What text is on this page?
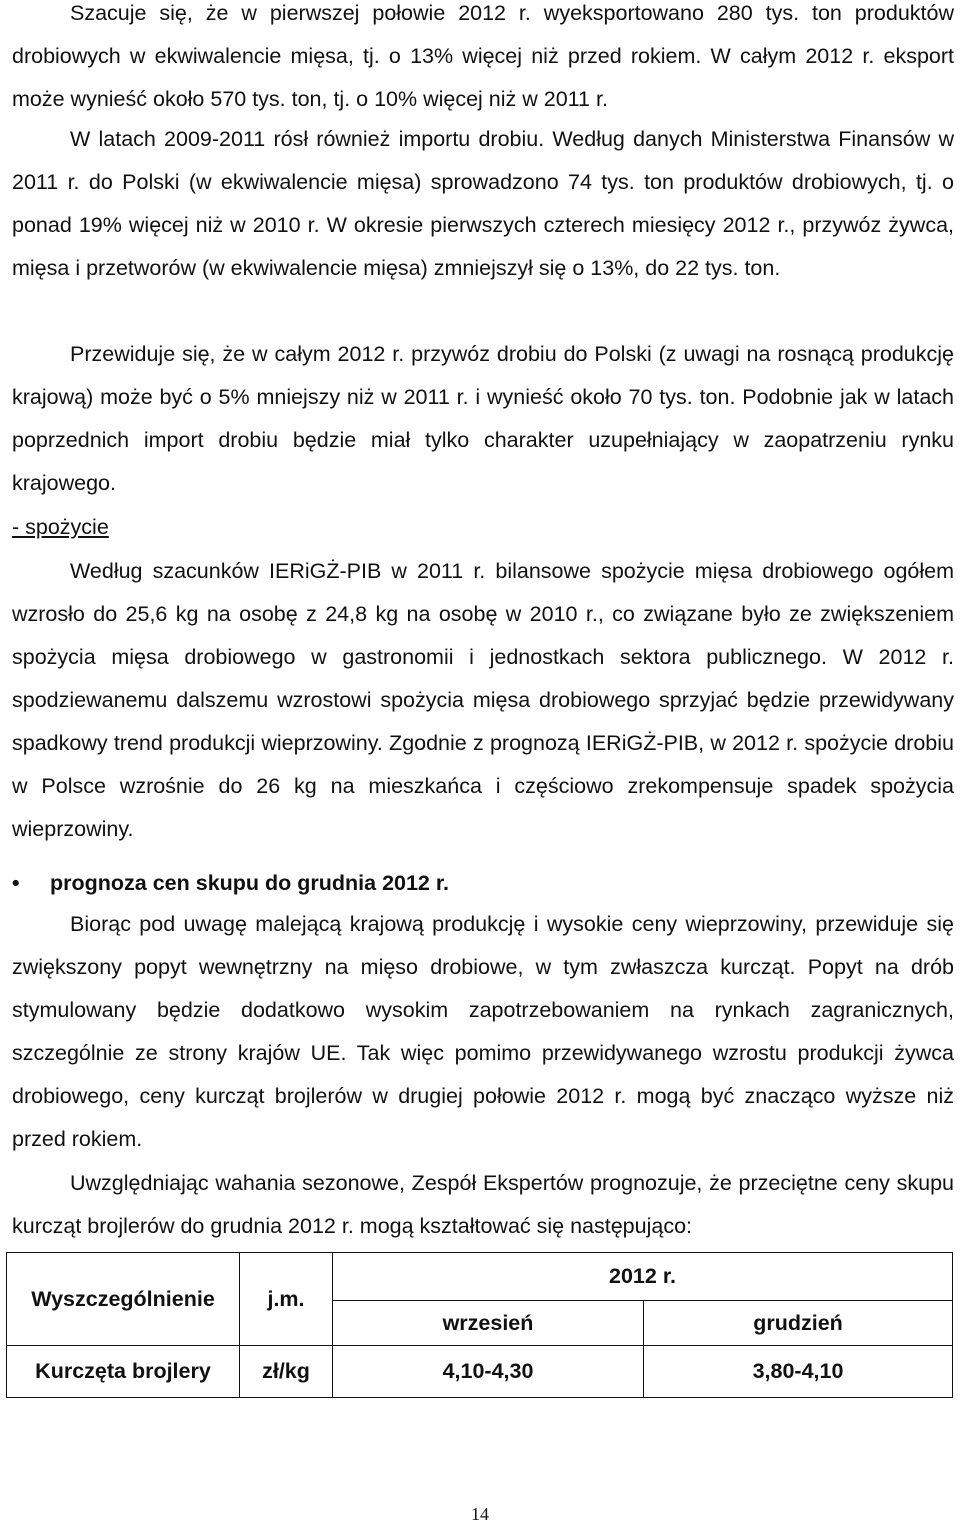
Szacuje się, że w pierwszej połowie 2012 r. wyeksportowano 280 tys. ton produktów drobiowych w ekwiwalencie mięsa, tj. o 13% więcej niż przed rokiem. W całym 2012 r. eksport może wynieść około 570 tys. ton, tj. o 10% więcej niż w 2011 r.

W latach 2009-2011 rósł również importu drobiu. Według danych Ministerstwa Finansów w 2011 r. do Polski (w ekwiwalencie mięsa) sprowadzono 74 tys. ton produktów drobiowych, tj. o ponad 19% więcej niż w 2010 r. W okresie pierwszych czterech miesięcy 2012 r., przywóz żywca, mięsa i przetworów (w ekwiwalencie mięsa) zmniejszył się o 13%, do 22 tys. ton.

Przewiduje się, że w całym 2012 r. przywóz drobiu do Polski (z uwagi na rosnącą produkcję krajową) może być o 5% mniejszy niż w 2011 r. i wynieść około 70 tys. ton. Podobnie jak w latach poprzednich import drobiu będzie miał tylko charakter uzupełniający w zaopatrzeniu rynku krajowego.

- spożycie

Według szacunków IERiGŻ-PIB w 2011 r. bilansowe spożycie mięsa drobiowego ogółem wzrosło do 25,6 kg na osobę z 24,8 kg na osobę w 2010 r., co związane było ze zwiększeniem spożycia mięsa drobiowego w gastronomii i jednostkach sektora publicznego. W 2012 r. spodziewanemu dalszemu wzrostowi spożycia mięsa drobiowego sprzyjać będzie przewidywany spadkowy trend produkcji wieprzowiny. Zgodnie z prognozą IERiGŻ-PIB, w 2012 r. spożycie drobiu w Polsce wzrośnie do 26 kg na mieszkańca i częściowo zrekompensuje spadek spożycia wieprzowiny.

• prognoza cen skupu do grudnia 2012 r.

Biorąc pod uwagę malejącą krajową produkcję i wysokie ceny wieprzowiny, przewiduje się zwiększony popyt wewnętrzny na mięso drobiowe, w tym zwłaszcza kurcząt. Popyt na drób stymulowany będzie dodatkowo wysokim zapotrzebowaniem na rynkach zagranicznych, szczególnie ze strony krajów UE. Tak więc pomimo przewidywanego wzrostu produkcji żywca drobiowego, ceny kurcząt brojlerów w drugiej połowie 2012 r. mogą być znacząco wyższe niż przed rokiem.

Uwzględniając wahania sezonowe, Zespół Ekspertów prognozuje, że przeciętne ceny skupu kurcząt brojlerów do grudnia 2012 r. mogą kształtować się następująco:

Wyszczególnienie	j.m.	2012 r.	
		wrzesień	grudzień
Kurczęta brojlery	zł/kg	4,10-4,30	3,80-4,10
14
